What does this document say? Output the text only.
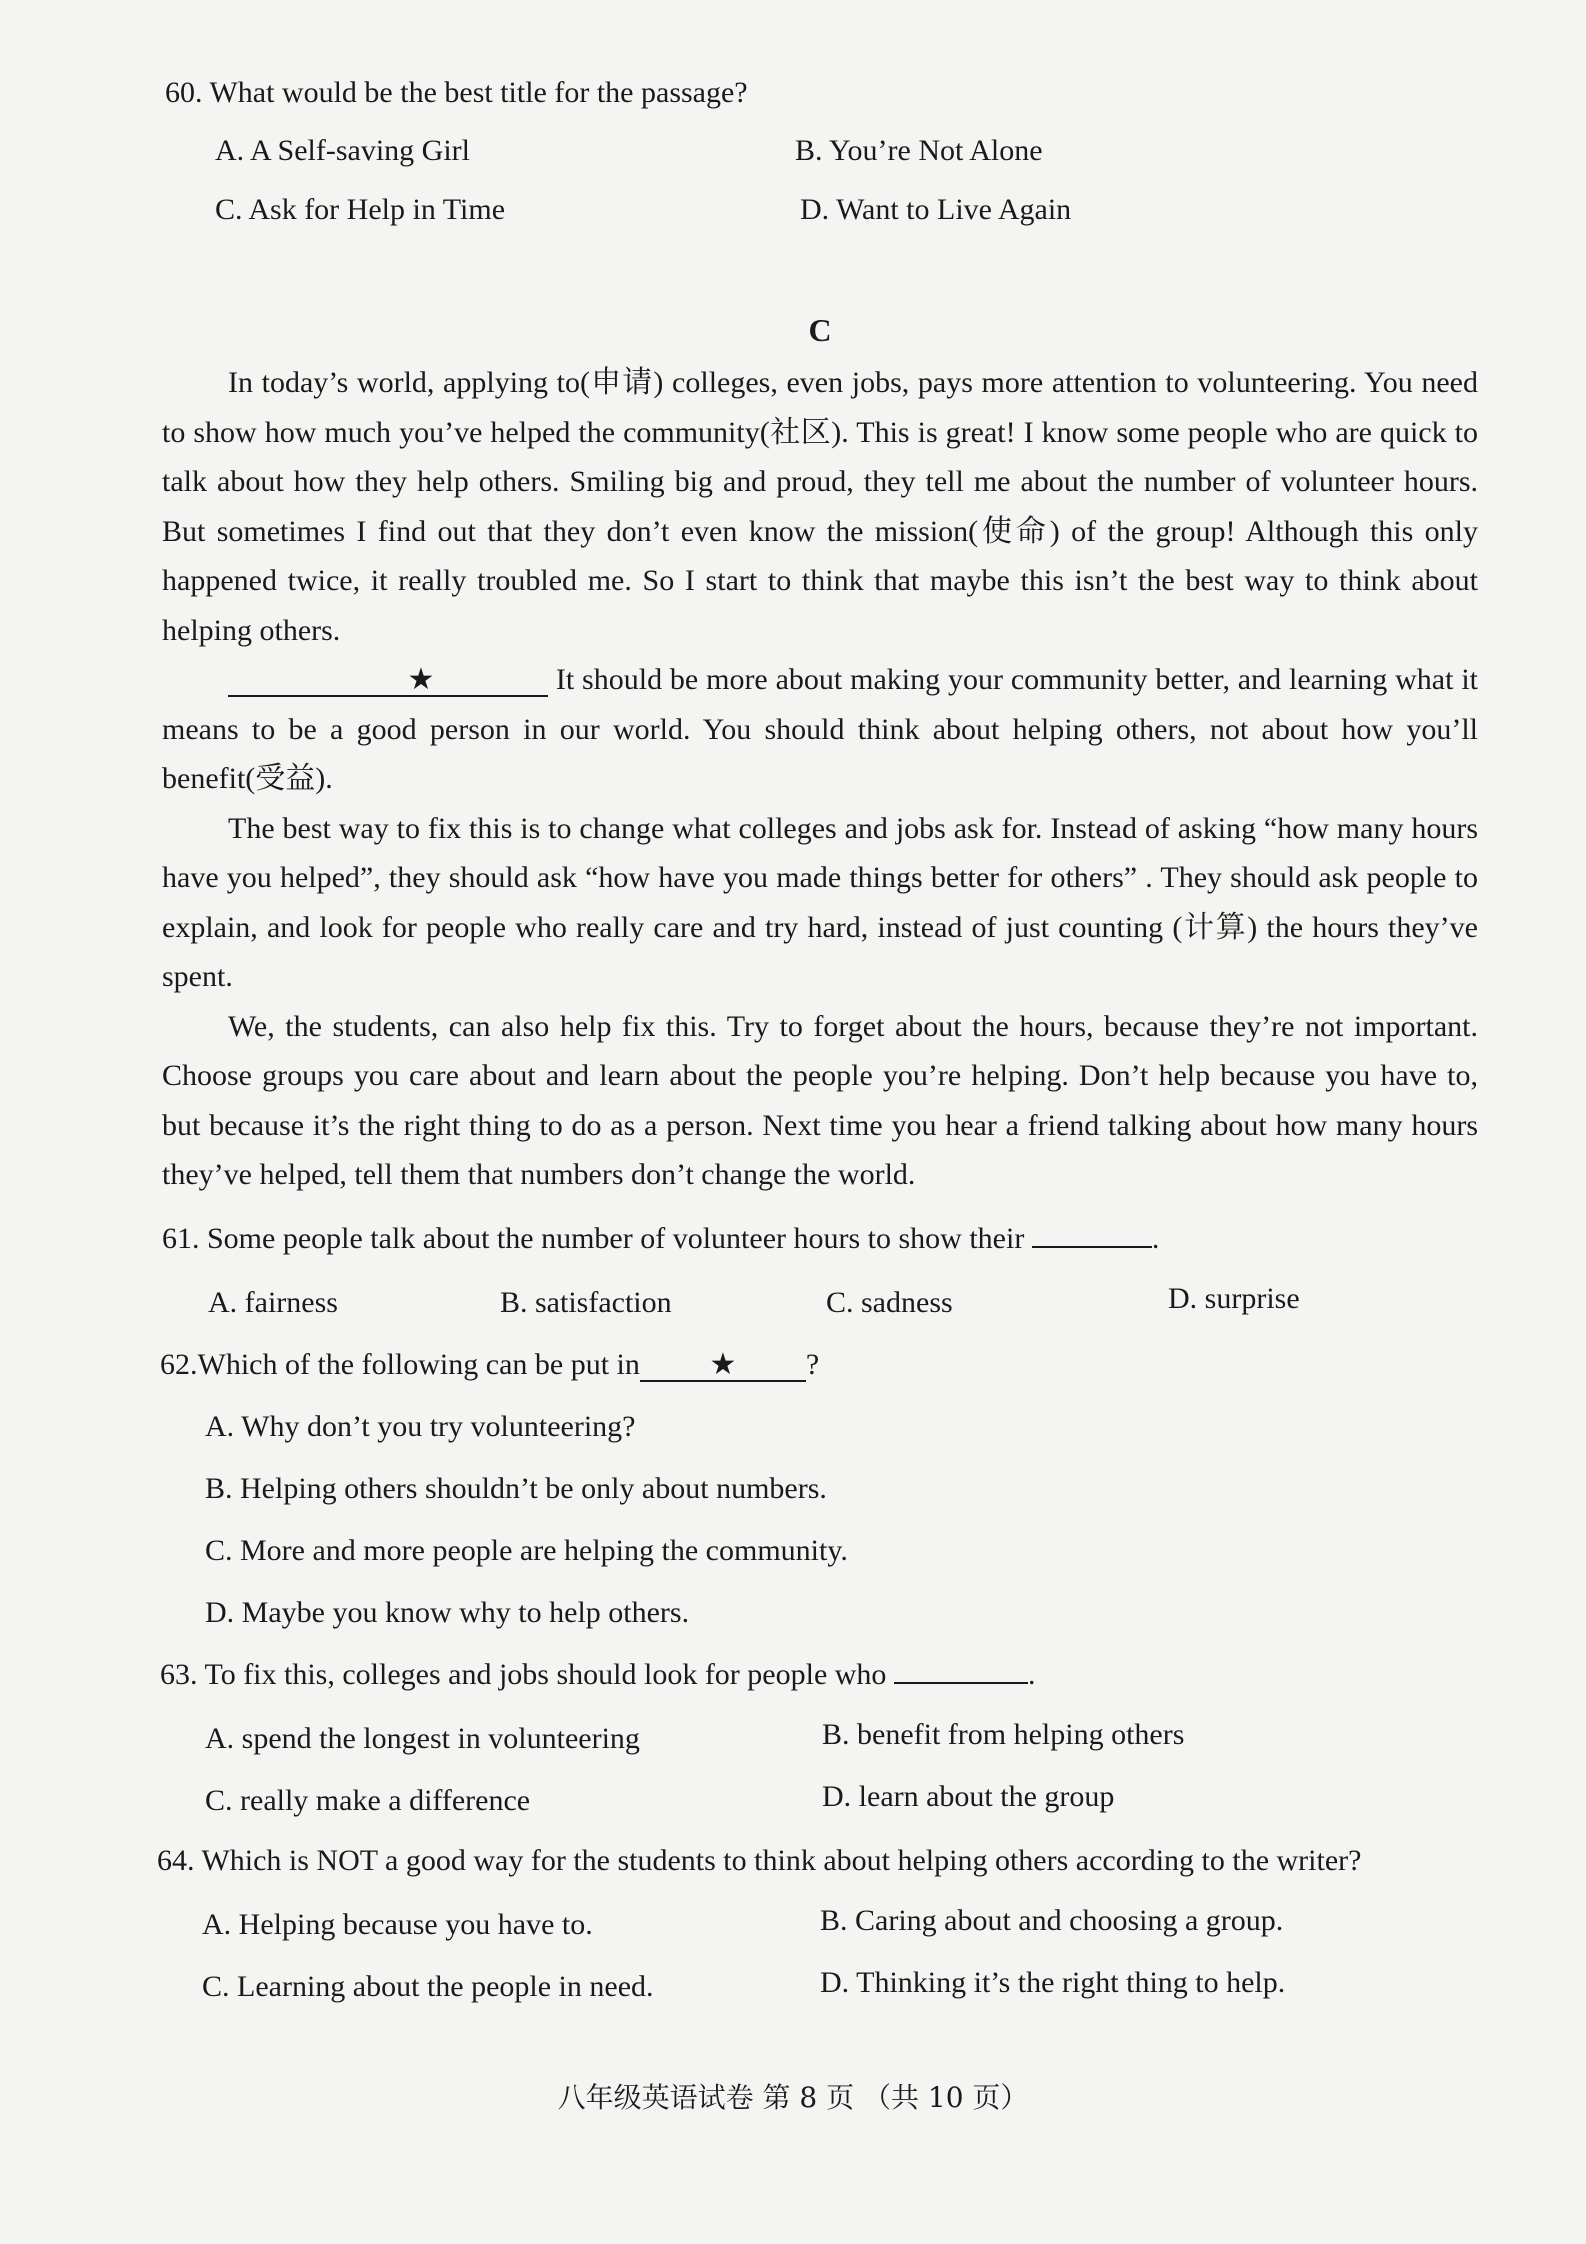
60. What would be the best title for the passage?
A. A Self-saving Girl	B. You’re Not Alone
C. Ask for Help in Time	D. Want to Live Again
C

In today’s world, applying to(申请) colleges, even jobs, pays more attention to volunteering. You need to show how much you’ve helped the community(社区). This is great! I know some people who are quick to talk about how they help others. Smiling big and proud, they tell me about the number of volunteer hours. But sometimes I find out that they don’t even know the mission(使命) of the group! Although this only happened twice, it really troubled me. So I start to think that maybe this isn’t the best way to think about helping others.

★	It should be more about making your community better, and learning what it means to be a good person in our world. You should think about helping others, not about how you’ll benefit(受益).

The best way to fix this is to change what colleges and jobs ask for. Instead of asking “how many hours have you helped”, they should ask “how have you made things better for others” . They should ask people to explain, and look for people who really care and try hard, instead of just counting (计算) the hours they’ve spent.

We, the students, can also help fix this. Try to forget about the hours, because they’re not important. Choose groups you care about and learn about the people you’re helping. Don’t help because you have to, but because it’s the right thing to do as a person. Next time you hear a friend talking about how many hours they’ve helped, tell them that numbers don’t change the world.

61. Some people talk about the number of volunteer hours to show their	.
A. fairness	B. satisfaction	C. sadness	D. surprise
62.Which of the following can be put in ★ ?
A. Why don’t you try volunteering?
B. Helping others shouldn’t be only about numbers.
C. More and more people are helping the community.
D. Maybe you know why to help others.
63. To fix this, colleges and jobs should look for people who	.
A. spend the longest in volunteering	B. benefit from helping others
C. really make a difference	D. learn about the group
64. Which is NOT a good way for the students to think about helping others according to the writer?
A. Helping because you have to.	B. Caring about and choosing a group.
C. Learning about the people in need.	D. Thinking it’s the right thing to help.
八年级英语试卷 第 8 页 （共 10 页）
